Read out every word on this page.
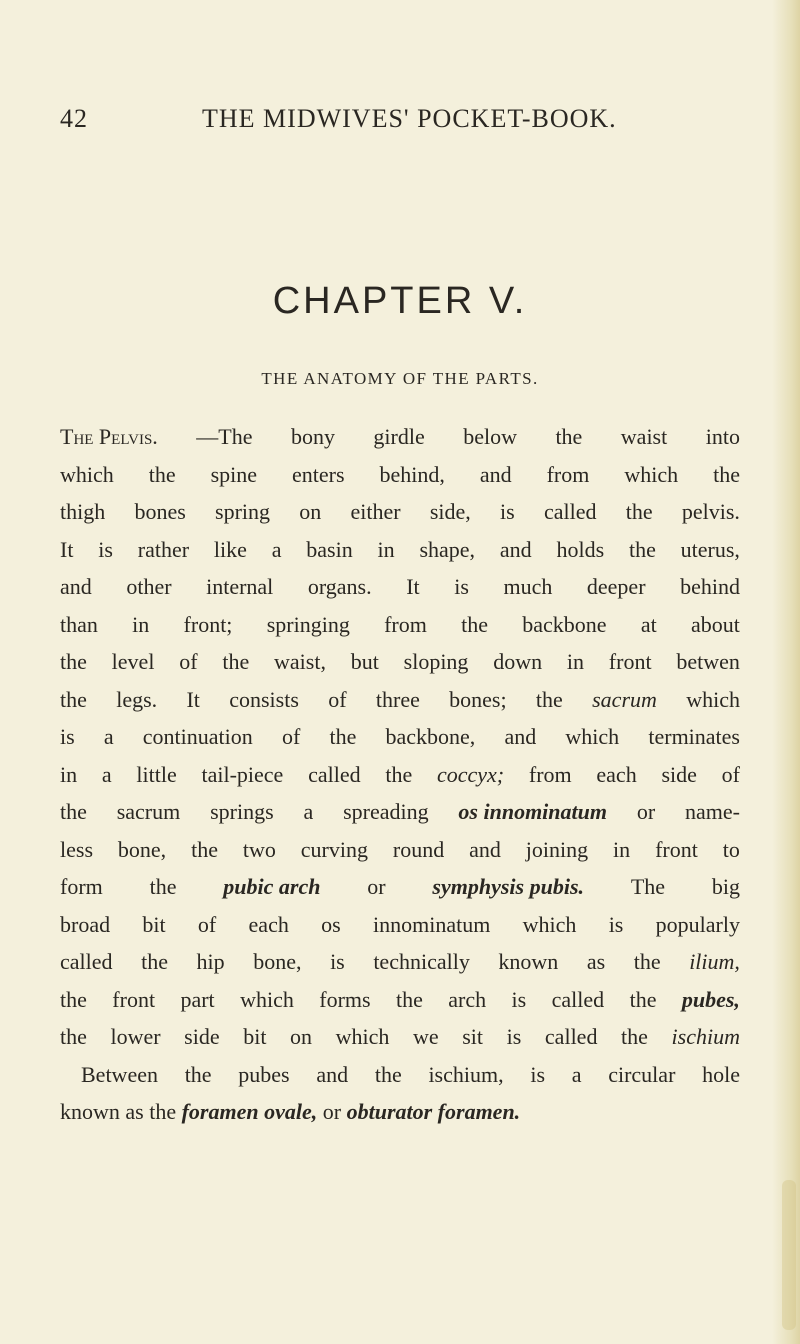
42	THE MIDWIVES' POCKET-BOOK.
CHAPTER V.
THE ANATOMY OF THE PARTS.
The Pelvis. —The bony girdle below the waist into
which the spine enters behind, and from which the
thigh bones spring on either side, is called the pelvis.
It is rather like a basin in shape, and holds the uterus,
and other internal organs. It is much deeper behind
than in front; springing from the backbone at about
the level of the waist, but sloping down in front betwen
the legs. It consists of three bones; the sacrum which
is a continuation of the backbone, and which terminates
in a little tail-piece called the coccyx; from each side of
the sacrum springs a spreading os innominatum or name-
less bone, the two curving round and joining in front to
form the pubic arch or symphysis pubis. The big
broad bit of each os innominatum which is popularly
called the hip bone, is technically known as the ilium,
the front part which forms the arch is called the pubes,
the lower side bit on which we sit is called the ischium
Between the pubes and the ischium, is a circular hole
known as the foramen ovale, or obturator foramen.
